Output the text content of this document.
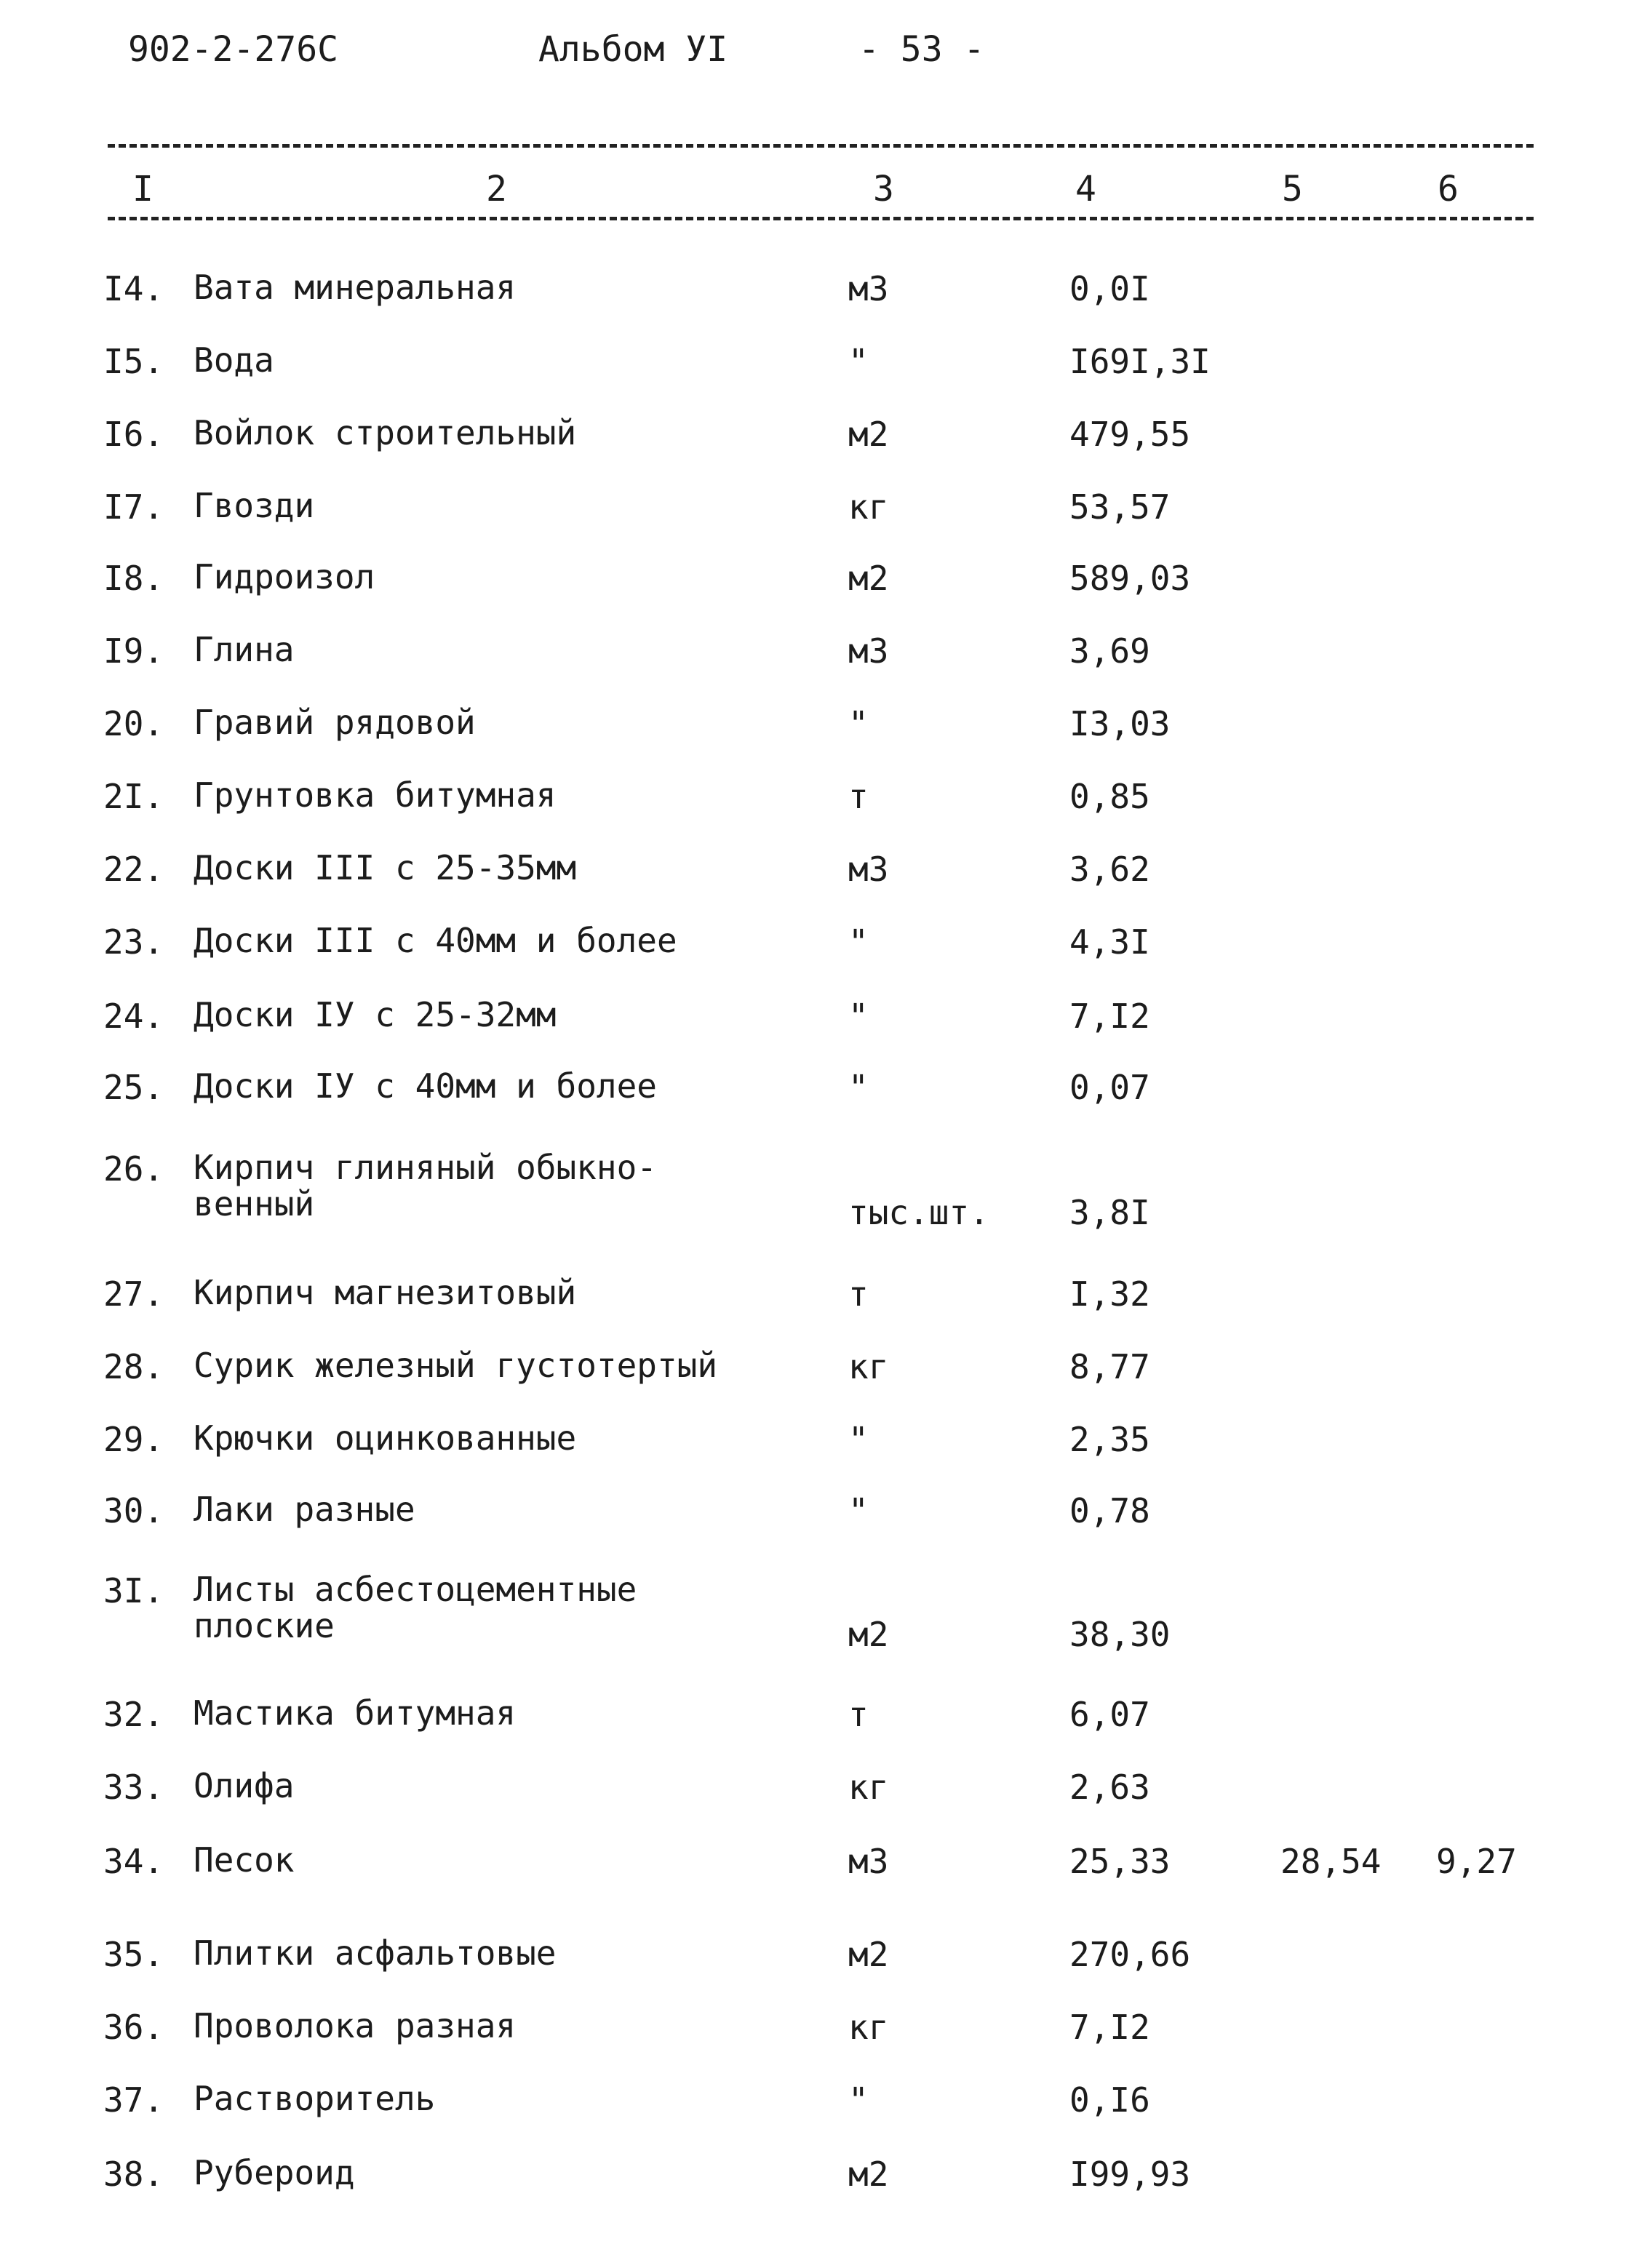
902-2-276С	Альбом УI	- 53 -
I	2	3	4	5	6
I4. Вата минеральная	м3	0,0I
I5. Вода	"	I69I,3I
I6. Войлок строительный	м2	479,55
I7. Гвозди	кг	53,57
I8. Гидроизол	м2	589,03
I9. Глина	м3	3,69
20. Гравий рядовой	"	I3,03
2I. Грунтовка битумная	т	0,85
22. Доски III с 25-35мм	м3	3,62
23. Доски III с 40мм и более	"	4,3I
24. Доски IУ с 25-32мм	"	7,I2
25. Доски IУ с 40мм и более	"	0,07
26. Кирпич глиняный обыкно-
венный	тыс.шт. 3,8I
27. Кирпич магнезитовый	т	I,32
28. Сурик железный густотертый	кг	8,77
29. Крючки оцинкованные	"	2,35
30. Лаки разные	"	0,78
3I. Листы асбестоцементные
плоские	м2	38,30
32. Мастика битумная	т	6,07
33. Олифа	кг	2,63
34. Песок	м3	25,33	28,54 9,27
35. Плитки асфальтовые	м2	270,66
36. Проволока разная	кг	7,I2
37. Растворитель	"	0,I6
38. Рубероид	м2	I99,93
